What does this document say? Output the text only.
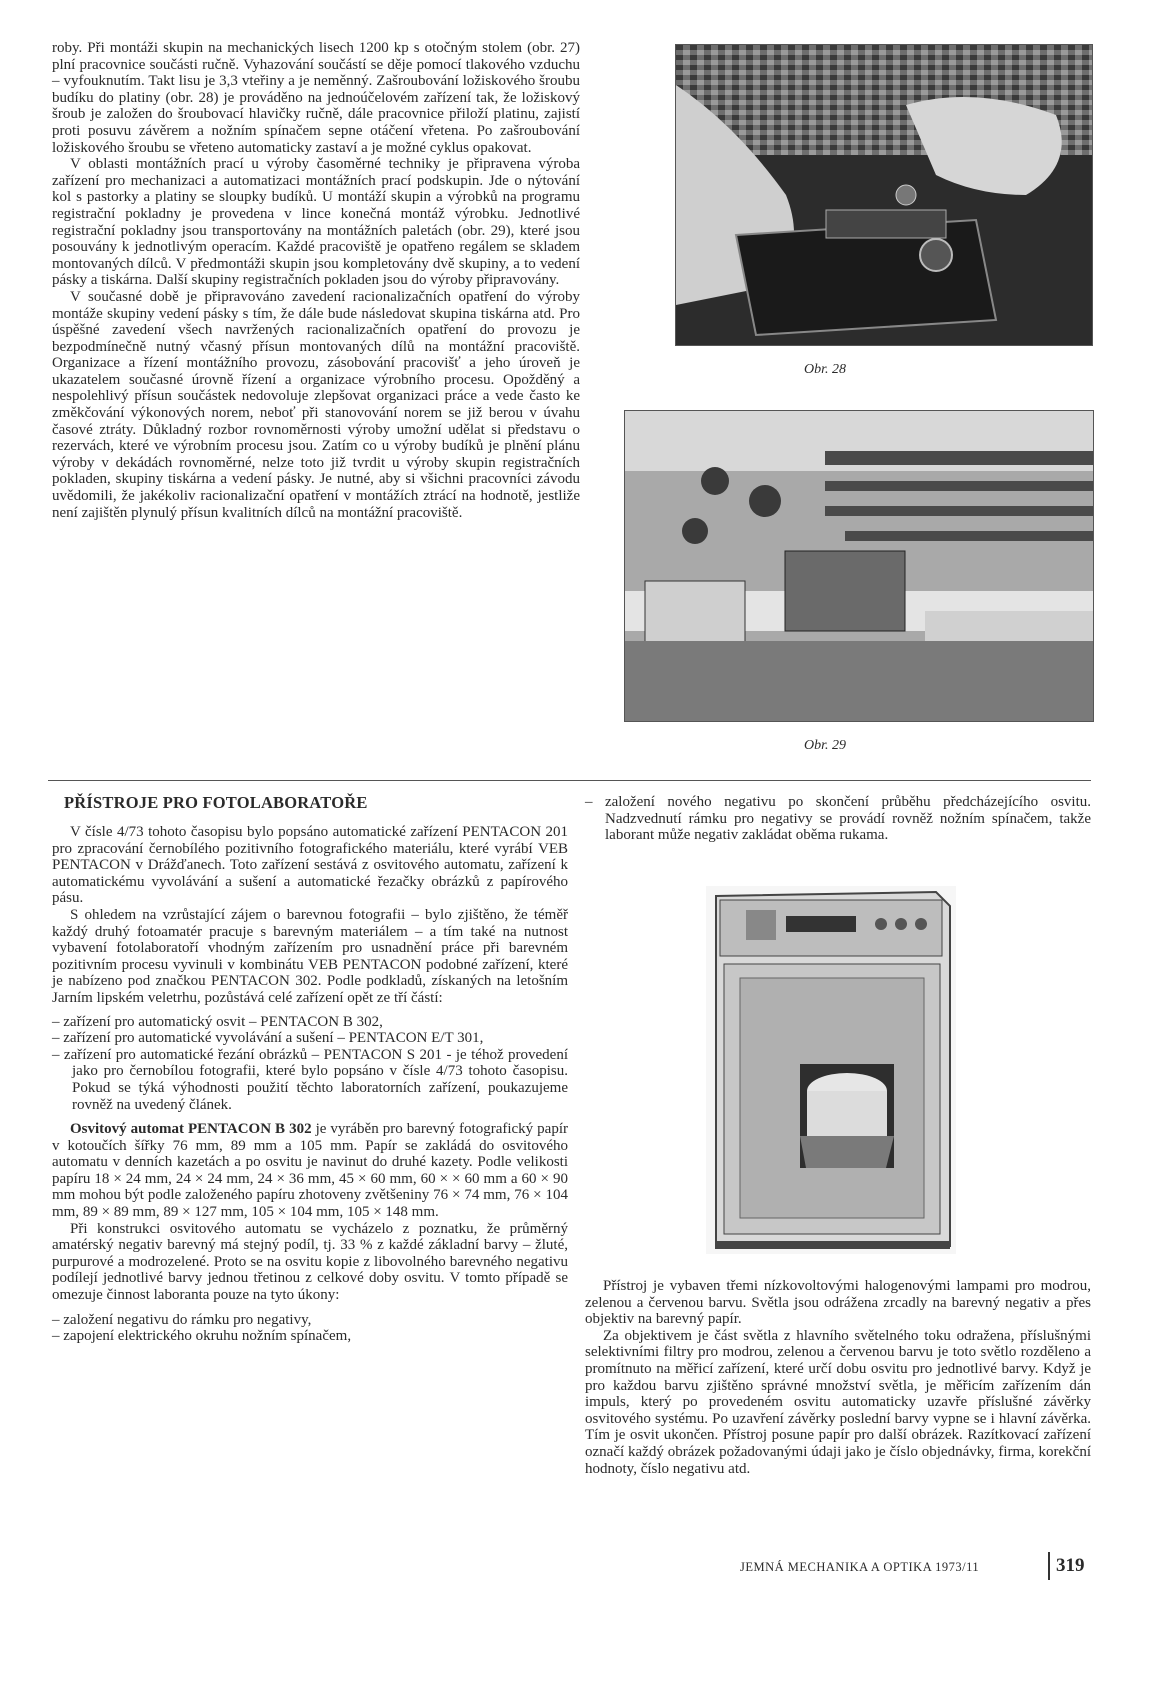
roby. Při montáži skupin na mechanických lisech 1200 kp s otočným stolem (obr. 27) plní pracovnice součásti ručně. Vyhazování součástí se děje pomocí tlakového vzduchu – vyfouknutím. Takt lisu je 3,3 vteřiny a je neměnný. Zašroubování ložiskového šroubu budíku do platiny (obr. 28) je prováděno na jednoúčelovém zařízení tak, že ložiskový šroub je založen do šroubovací hlavičky ručně, dále pracovnice přiloží platinu, zajistí proti posuvu závěrem a nožním spínačem sepne otáčení vřetena. Po zašroubování ložiskového šroubu se vřeteno automaticky zastaví a je možné cyklus opakovat.

V oblasti montážních prací u výroby časoměrné techniky je připravena výroba zařízení pro mechanizaci a automatizaci montážních prací podskupin. Jde o nýtování kol s pastorky a platiny se sloupky budíků. U montáží skupin a výrobků na programu registrační pokladny je provedena v lince konečná montáž výrobku. Jednotlivé registrační pokladny jsou transportovány na montážních paletách (obr. 29), které jsou posouvány k jednotlivým operacím. Každé pracoviště je opatřeno regálem se skladem montovaných dílců. V předmontáži skupin jsou kompletovány dvě skupiny, a to vedení pásky a tiskárna. Další skupiny registračních pokladen jsou do výroby připravovány.

V současné době je připravováno zavedení racionalizačních opatření do výroby montáže skupiny vedení pásky s tím, že dále bude následovat skupina tiskárna atd. Pro úspěšné zavedení všech navržených racionalizačních opatření do provozu je bezpodmínečně nutný včasný přísun montovaných dílů na montážní pracoviště. Organizace a řízení montážního provozu, zásobování pracovišť a jeho úroveň je ukazatelem současné úrovně řízení a organizace výrobního procesu. Opožděný a nespolehlivý přísun součástek nedovoluje zlepšovat organizaci práce a vede často ke změkčování výkonových norem, neboť při stanovování norem se již berou v úvahu časové ztráty. Důkladný rozbor rovnoměrnosti výroby umožní udělat si představu o rezervách, které ve výrobním procesu jsou. Zatím co u výroby budíků je plnění plánu výroby v dekádách rovnoměrné, nelze toto již tvrdit u výroby skupin registračních pokladen, skupiny tiskárna a vedení pásky. Je nutné, aby si všichni pracovníci závodu uvědomili, že jakékoliv racionalizační opatření v montážích ztrácí na hodnotě, jestliže není zajištěn plynulý přísun kvalitních dílců na montážní pracoviště.

Obr. 28
Obr. 29
PŘÍSTROJE PRO FOTOLABORATOŘE

V čísle 4/73 tohoto časopisu bylo popsáno automatické zařízení PENTACON 201 pro zpracování černobílého pozitivního fotografického materiálu, které vyrábí VEB PENTACON v Drážďanech. Toto zařízení sestává z osvitového automatu, zařízení k automatickému vyvolávání a sušení a automatické řezačky obrázků z papírového pásu.

S ohledem na vzrůstající zájem o barevnou fotografii – bylo zjištěno, že téměř každý druhý fotoamatér pracuje s barevným materiálem – a tím také na nutnost vybavení fotolaboratoří vhodným zařízením pro usnadnění práce při barevném pozitivním procesu vyvinuli v kombinátu VEB PENTACON podobné zařízení, které je nabízeno pod značkou PENTACON 302. Podle podkladů, získaných na letošním Jarním lipském veletrhu, pozůstává celé zařízení opět ze tří částí:

– zařízení pro automatický osvit – PENTACON B 302,

– zařízení pro automatické vyvolávání a sušení – PENTACON E/T 301,

– zařízení pro automatické řezání obrázků – PENTACON S 201 - je téhož provedení jako pro černobílou fotografii, které bylo popsáno v čísle 4/73 tohoto časopisu. Pokud se týká výhodnosti použití těchto laboratorních zařízení, poukazujeme rovněž na uvedený článek.

Osvitový automat PENTACON B 302 je vyráběn pro barevný fotografický papír v kotoučích šířky 76 mm, 89 mm a 105 mm. Papír se zakládá do osvitového automatu v denních kazetách a po osvitu je navinut do druhé kazety. Podle velikosti papíru 18 × 24 mm, 24 × 24 mm, 24 × 36 mm, 45 × 60 mm, 60 × × 60 mm a 60 × 90 mm mohou být podle založeného papíru zhotoveny zvětšeniny 76 × 74 mm, 76 × 104 mm, 89 × 89 mm, 89 × 127 mm, 105 × 104 mm, 105 × 148 mm.

Při konstrukci osvitového automatu se vycházelo z poznatku, že průměrný amatérský negativ barevný má stejný podíl, tj. 33 % z každé základní barvy – žluté, purpurové a modrozelené. Proto se na osvitu kopie z libovolného barevného negativu podílejí jednotlivé barvy jednou třetinou z celkové doby osvitu. V tomto případě se omezuje činnost laboranta pouze na tyto úkony:

– založení negativu do rámku pro negativy,

– zapojení elektrického okruhu nožním spínačem,

– založení nového negativu po skončení průběhu předcházejícího osvitu. Nadzvednutí rámku pro negativy se provádí rovněž nožním spínačem, takže laborant může negativ zakládat oběma rukama.

Přístroj je vybaven třemi nízkovoltovými halogenovými lampami pro modrou, zelenou a červenou barvu. Světla jsou odrážena zrcadly na barevný negativ a přes objektiv na barevný papír.

Za objektivem je část světla z hlavního světelného toku odražena, příslušnými selektivními filtry pro modrou, zelenou a červenou barvu je toto světlo rozděleno a promítnuto na měřicí zařízení, které určí dobu osvitu pro jednotlivé barvy. Když je pro každou barvu zjištěno správné množství světla, je měřicím zařízením dán impuls, který po provedeném osvitu automaticky uzavře příslušné závěrky osvitového systému. Po uzavření závěrky poslední barvy vypne se i hlavní závěrka. Tím je osvit ukončen. Přístroj posune papír pro další obrázek. Razítkovací zařízení označí každý obrázek požadovanými údaji jako je číslo objednávky, firma, korekční hodnoty, číslo negativu atd.

JEMNÁ MECHANIKA A OPTIKA 1973/11	319
